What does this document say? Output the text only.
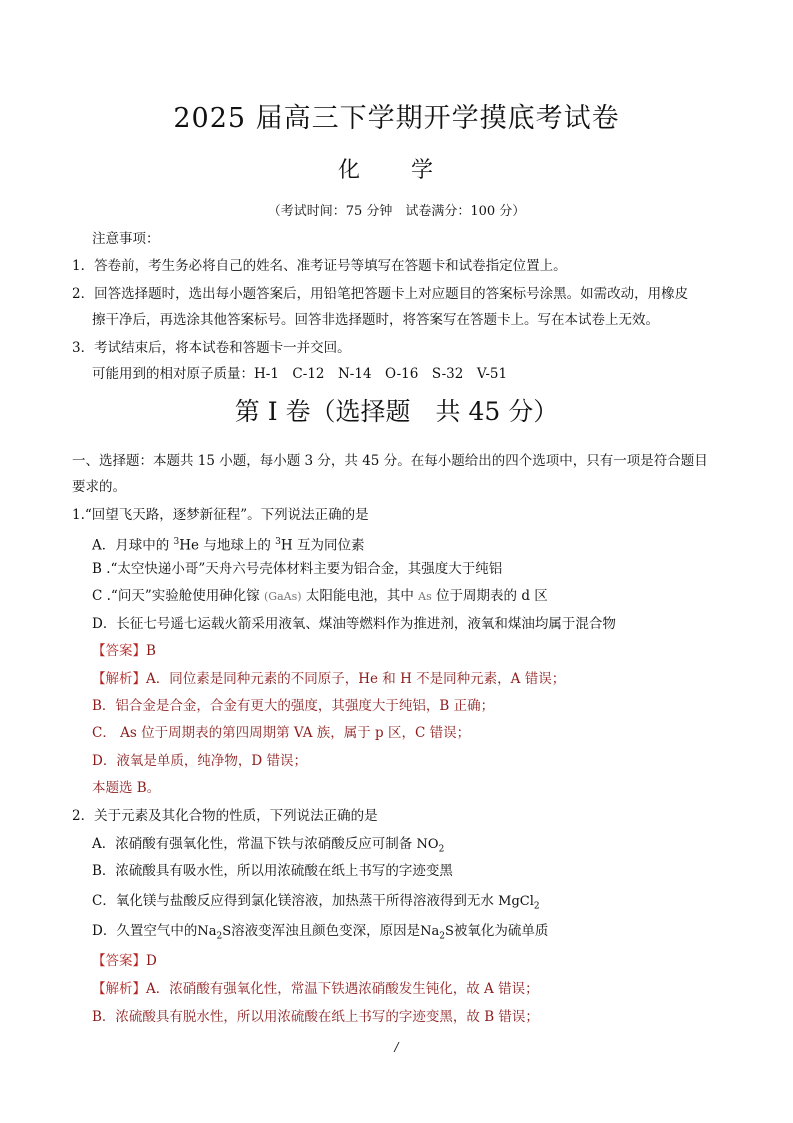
2025 届高三下学期开学摸底考试卷
化 学
（考试时间：75 分钟　试卷满分：100 分）
注意事项：
1．答卷前，考生务必将自己的姓名、准考证号等填写在答题卡和试卷指定位置上。
2．回答选择题时，选出每小题答案后，用铅笔把答题卡上对应题目的答案标号涂黑。如需改动，用橡皮
擦干净后，再选涂其他答案标号。回答非选择题时，将答案写在答题卡上。写在本试卷上无效。
3．考试结束后，将本试卷和答题卡一并交回。
可能用到的相对原子质量：H-1　C-12　N-14　O-16　S-32　V-51
第 I 卷（选择题　共 45 分）
一、选择题：本题共 15 小题，每小题 3 分，共 45 分。在每小题给出的四个选项中，只有一项是符合题目
要求的。
1.“回望飞天路，逐梦新征程”。下列说法正确的是
A．月球中的 $^3$He 与地球上的 $^3$H 互为同位素
B .“太空快递小哥”天舟六号壳体材料主要为铝合金，其强度大于纯铝
C .“问天”实验舱使用砷化镓 (GaAs) 太阳能电池，其中 As 位于周期表的 d 区
D．长征七号遥七运载火箭采用液氧、煤油等燃料作为推进剂，液氧和煤油均属于混合物
【答案】B
【解析】A．同位素是同种元素的不同原子，He 和 H 不是同种元素，A 错误；
B．铝合金是合金，合金有更大的强度，其强度大于纯铝，B 正确；
C． As 位于周期表的第四周期第 VA 族，属于 p 区，C 错误；
D．液氧是单质，纯净物，D 错误；
本题选 B。
2．关于元素及其化合物的性质，下列说法正确的是
A．浓硝酸有强氧化性，常温下铁与浓硝酸反应可制备 $NO_2$
B．浓硫酸具有吸水性，所以用浓硫酸在纸上书写的字迹变黑
C．氧化镁与盐酸反应得到氯化镁溶液，加热蒸干所得溶液得到无水 MgCl$_2$
D．久置空气中的$Na_2S$溶液变浑浊且颜色变深，原因是$Na_2S$被氧化为硫单质
【答案】D
【解析】A．浓硝酸有强氧化性，常温下铁遇浓硝酸发生钝化，故 A 错误；
B．浓硫酸具有脱水性，所以用浓硫酸在纸上书写的字迹变黑，故 B 错误；
/
